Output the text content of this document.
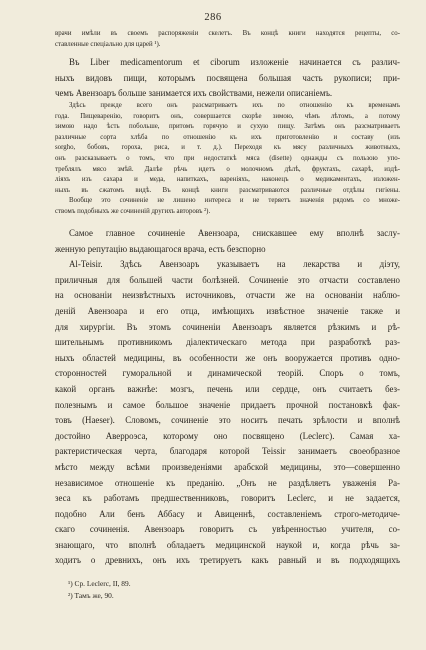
286
врачи имѣли въ своемъ распоряженіи скелетъ. Въ концѣ книги находятся рецепты, со-
ставленные спеціально для царей ¹).
Въ Liber medicamentorum et ciborum изложеніе начинается съ различ-
ныхъ видовъ пищи, которымъ посвящена большая часть рукописи; при-
чемъ Авензоаръ больше занимается ихъ свойствами, нежели описаніемъ.
Здѣсь прежде всего онъ разсматриваетъ ихъ по отношенію къ временамъ
года. Пищеваренію, говоритъ онъ, совершается скорѣе зимою, чѣмъ лѣтомъ, а потому
зимою надо ѣсть побольше, притомъ горячую и сухую пищу. Затѣмъ онъ разсматриваетъ
различные сорта хлѣба по отношенію къ ихъ приготовленію и составу (изъ
sorgho, бобовъ, гороха, риса, и т. д.). Переходя къ мясу различныхъ животныхъ,
онъ разсказываетъ о томъ, что при недостаткѣ мяса (disette) однажды съ пользою упо-
треблялъ мясо змѣй. Далѣе рѣчь идетъ о молочномъ дѣлѣ, фруктахъ, сахарѣ, издѣ-
ліяхъ изъ сахара и меда, напиткахъ, вареніяхъ, наконецъ о медикаментахъ, изложен-
ныхъ въ сжатомъ видѣ. Въ концѣ книги разсматриваются различные отдѣлы гигіены.
Вообще это сочиненіе не лишено интереса и не теряетъ значенія рядомъ со множе-
ствомъ подобныхъ же сочиненій другихъ авторовъ ²).
Самое главное сочиненіе Авензоара, снискавшее ему вполнѣ заслу-
женную репутацію выдающагося врача, есть безспорно
Al-Teisir. Здѣсь Авензоаръ указываетъ на лекарства и діэту,
приличныя для большей части болѣзней. Сочиненіе это отчасти составлено
на основаніи неизвѣстныхъ источниковъ, отчасти же на основаніи наблю-
деній Авензоара и его отца, имѣющихъ извѣстное значеніе также и
для хирургіи. Въ этомъ сочиненіи Авензоаръ является рѣзкимъ и рѣ-
шительнымъ противникомъ діалектическаго метода при разработкѣ раз-
ныхъ областей медицины, въ особенности же онъ вооружается противъ одно-
сторонностей гуморальной и динамической теорій. Споръ о томъ,
какой органъ важнѣе: мозгъ, печень или сердце, онъ считаетъ без-
полезнымъ и самое большое значеніе придаетъ прочной постановкѣ фак-
товъ (Haeser). Словомъ, сочиненіе это носитъ печать зрѣлости и вполнѣ
достойно Аверроэса, которому оно посвящено (Leclerc). Самая ха-
рактеристическая черта, благодаря которой Teissir занимаетъ своеобразное
мѣсто между всѣми произведеніями арабской медицины, это—совершенно
независимое отношеніе къ преданію. „Онъ не раздѣляетъ уваженія Ра-
зеса къ работамъ предшественниковъ, говоритъ Leclerc, и не задается,
подобно Али бенъ Аббасу и Авиценнѣ, составленіемъ строго-методиче-
скаго сочиненія. Авензоаръ говоритъ съ увѣренностью учителя, со-
знающаго, что вполнѣ обладаетъ медицинской наукой и, когда рѣчь за-
ходитъ о древнихъ, онъ ихъ третируетъ какъ равный и въ подходящихъ
¹) Ср. Leclerc, II, 89.
²) Тамъ же, 90.
